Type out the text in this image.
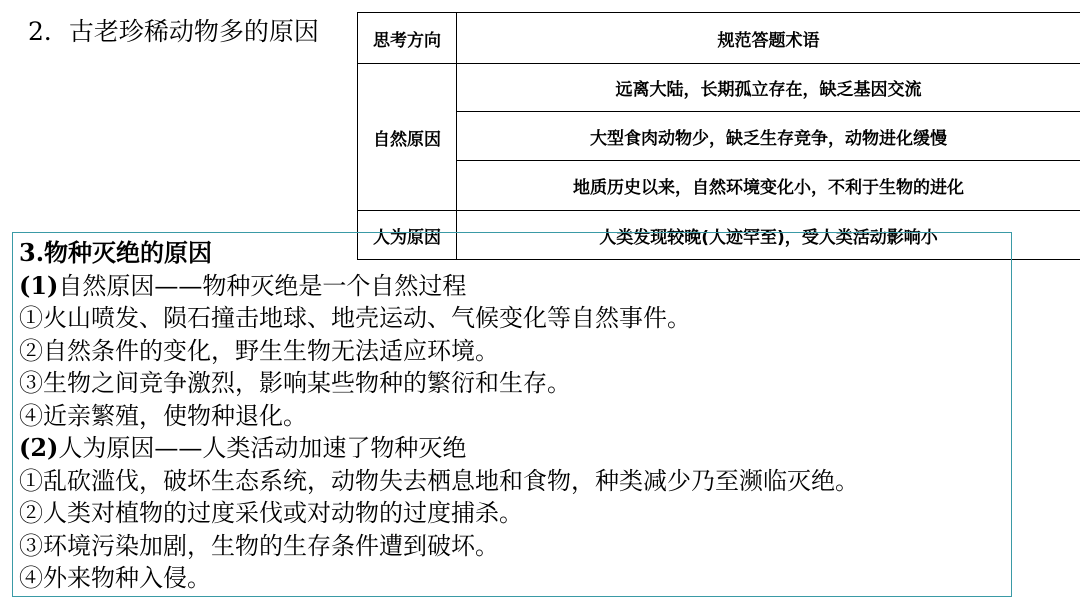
2．古老珍稀动物多的原因	思考方向	规范答题术语
自然原因	远离大陆，长期孤立存在，缺乏基因交流
	大型食肉动物少，缺乏生存竞争，动物进化缓慢
	地质历史以来，自然环境变化小，不利于生物的进化
人为原因	人类发现较晚(人迹罕至)，受人类活动影响小
3.物种灭绝的原因
(1)自然原因——物种灭绝是一个自然过程
①火山喷发、陨石撞击地球、地壳运动、气候变化等自然事件。
②自然条件的变化，野生生物无法适应环境。
③生物之间竞争激烈，影响某些物种的繁衍和生存。
④近亲繁殖，使物种退化。
(2)人为原因——人类活动加速了物种灭绝
①乱砍滥伐，破坏生态系统，动物失去栖息地和食物，种类减少乃至濒临灭绝。
②人类对植物的过度采伐或对动物的过度捕杀。
③环境污染加剧，生物的生存条件遭到破坏。
④外来物种入侵。
